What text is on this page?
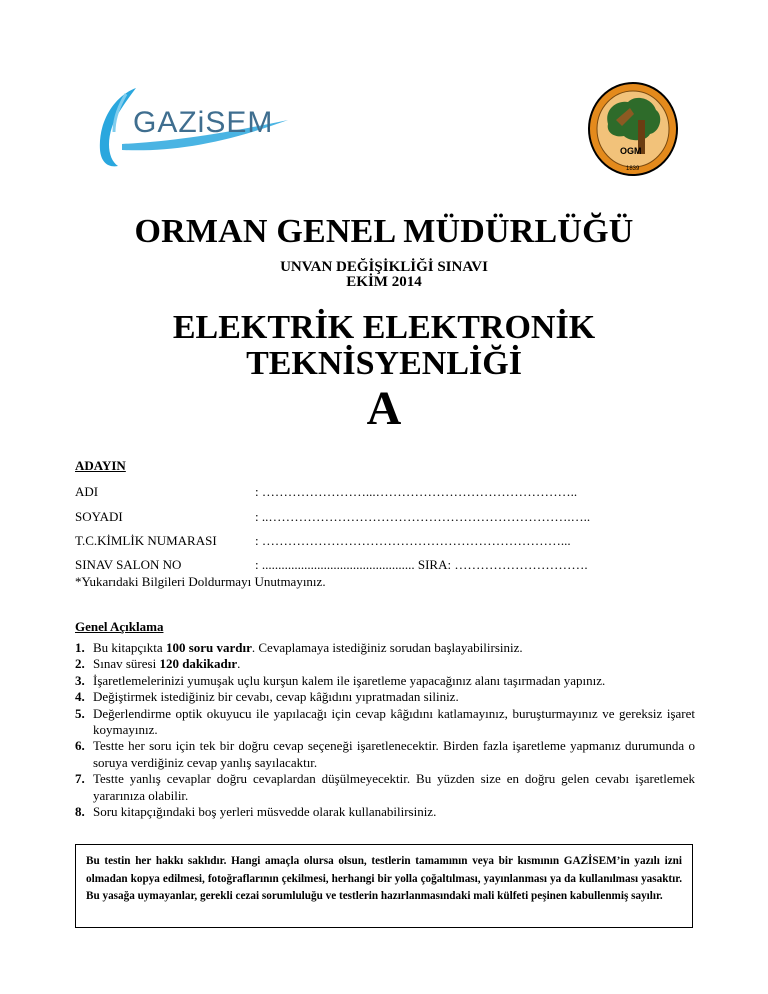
GAZiSEM
OGM
1839
ORMAN GENEL MÜDÜRLÜĞÜ
UNVAN DEĞİŞİKLİĞİ SINAVI
EKİM 2014
ELEKTRİK ELEKTRONİK
TEKNİSYENLİĞİ
A
ADAYIN
ADI	: ……………………...………………………………………..
SOYADI	: ..…………………………………………………………….…..
T.C.KİMLİK NUMARASI	: ……………………………………………………………...
SINAV SALON NO	: ............................................... SIRA: ………………………….
*Yukarıdaki Bilgileri Doldurmayı Unutmayınız.
Genel Açıklama
1. Bu kitapçıkta 100 soru vardır. Cevaplamaya istediğiniz sorudan başlayabilirsiniz.
2. Sınav süresi 120 dakikadır.
3. İşaretlemelerinizi yumuşak uçlu kurşun kalem ile işaretleme yapacağınız alanı taşırmadan yapınız.
4. Değiştirmek istediğiniz bir cevabı, cevap kâğıdını yıpratmadan siliniz.
5. Değerlendirme optik okuyucu ile yapılacağı için cevap kâğıdını katlamayınız, buruşturmayınız ve gereksiz işaret koymayınız.
6. Testte her soru için tek bir doğru cevap seçeneği işaretlenecektir. Birden fazla işaretleme yapmanız durumunda o soruya verdiğiniz cevap yanlış sayılacaktır.
7. Testte yanlış cevaplar doğru cevaplardan düşülmeyecektir. Bu yüzden size en doğru gelen cevabı işaretlemek yararınıza olabilir.
8. Soru kitapçığındaki boş yerleri müsvedde olarak kullanabilirsiniz.
Bu testin her hakkı saklıdır. Hangi amaçla olursa olsun, testlerin tamamının veya bir kısmının GAZİSEM’in yazılı izni olmadan kopya edilmesi, fotoğraflarının çekilmesi, herhangi bir yolla çoğaltılması, yayınlanması ya da kullanılması yasaktır. Bu yasağa uymayanlar, gerekli cezai sorumluluğu ve testlerin hazırlanmasındaki mali külfeti peşinen kabullenmiş sayılır.
